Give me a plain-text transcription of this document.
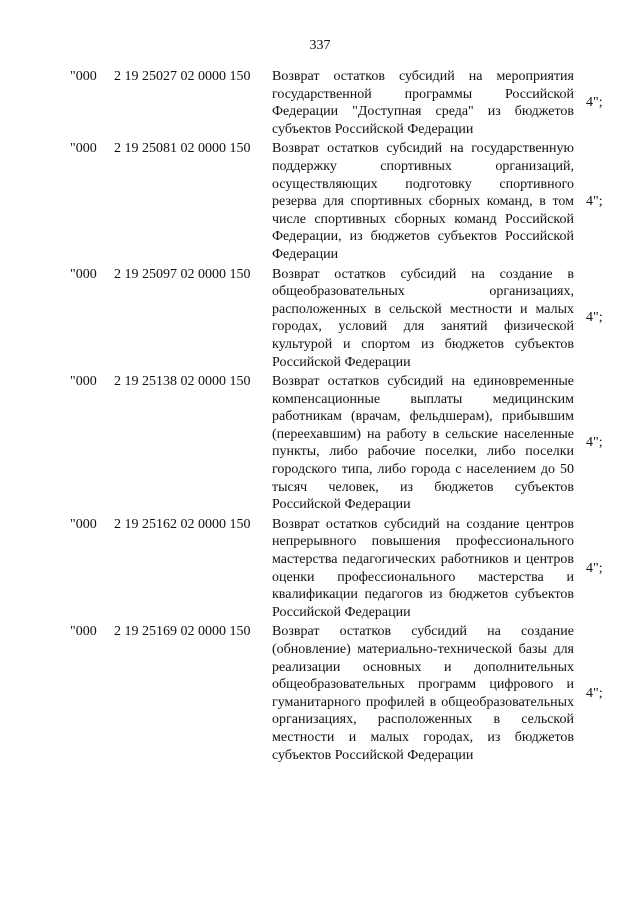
337
"000 2 19 25027 02 0000 150 Возврат остатков субсидий на мероприятия государственной программы Российской Федерации "Доступная среда" из бюджетов субъектов Российской Федерации
4";
"000 2 19 25081 02 0000 150 Возврат остатков субсидий на государственную поддержку спортивных организаций, осуществляющих подготовку спортивного резерва для спортивных сборных команд, в том числе спортивных сборных команд Российской Федерации, из бюджетов субъектов Российской Федерации
4";
"000 2 19 25097 02 0000 150 Возврат остатков субсидий на создание в общеобразовательных организациях, расположенных в сельской местности и малых городах, условий для занятий физической культурой и спортом из бюджетов субъектов Российской Федерации
4";
"000 2 19 25138 02 0000 150 Возврат остатков субсидий на единовременные компенсационные выплаты медицинским работникам (врачам, фельдшерам), прибывшим (переехавшим) на работу в сельские населенные пункты, либо рабочие поселки, либо поселки городского типа, либо города с населением до 50 тысяч человек, из бюджетов субъектов Российской Федерации
4";
"000 2 19 25162 02 0000 150 Возврат остатков субсидий на создание центров непрерывного повышения профессионального мастерства педагогических работников и центров оценки профессионального мастерства и квалификации педагогов из бюджетов субъектов Российской Федерации
4";
"000 2 19 25169 02 0000 150 Возврат остатков субсидий на создание (обновление) материально-технической базы для реализации основных и дополнительных общеобразовательных программ цифрового и гуманитарного профилей в общеобразовательных организациях, расположенных в сельской местности и малых городах, из бюджетов субъектов Российской Федерации
4";
